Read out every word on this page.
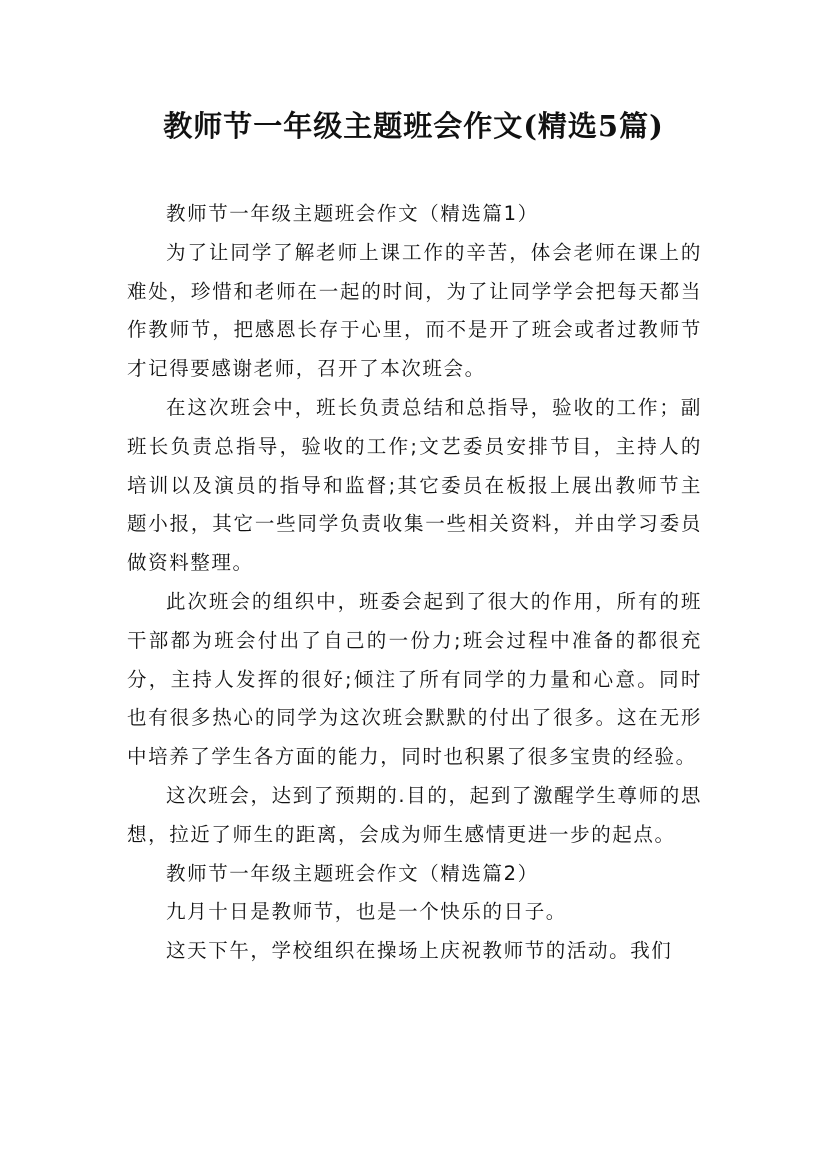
教师节一年级主题班会作文(精选5篇)

教师节一年级主题班会作文（精选篇1）

为了让同学了解老师上课工作的辛苦，体会老师在课上的难处，珍惜和老师在一起的时间，为了让同学学会把每天都当作教师节，把感恩长存于心里，而不是开了班会或者过教师节才记得要感谢老师，召开了本次班会。

在这次班会中，班长负责总结和总指导，验收的工作；副班长负责总指导，验收的工作;文艺委员安排节目，主持人的培训以及演员的指导和监督;其它委员在板报上展出教师节主题小报，其它一些同学负责收集一些相关资料，并由学习委员做资料整理。

此次班会的组织中，班委会起到了很大的作用，所有的班干部都为班会付出了自己的一份力;班会过程中准备的都很充分，主持人发挥的很好;倾注了所有同学的力量和心意。同时也有很多热心的同学为这次班会默默的付出了很多。这在无形中培养了学生各方面的能力，同时也积累了很多宝贵的经验。

这次班会，达到了预期的.目的，起到了激醒学生尊师的思想，拉近了师生的距离，会成为师生感情更进一步的起点。

教师节一年级主题班会作文（精选篇2）

九月十日是教师节，也是一个快乐的日子。

这天下午，学校组织在操场上庆祝教师节的活动。我们
